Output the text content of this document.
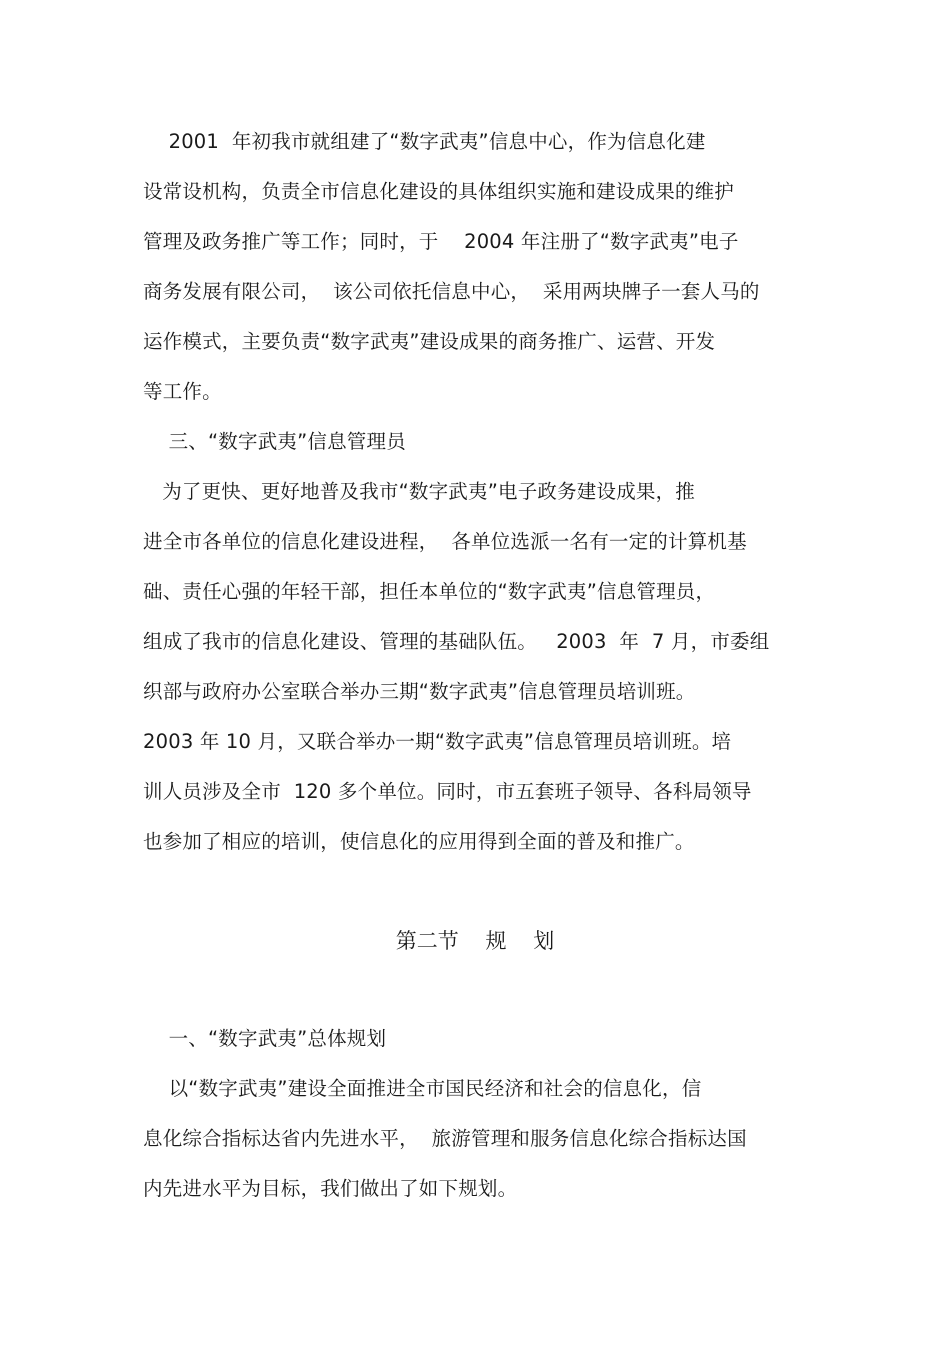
2001  年初我市就组建了“数字武夷”信息中心，作为信息化建
设常设机构，负责全市信息化建设的具体组织实施和建设成果的维护
管理及政务推广等工作；同时，于    2004 年注册了“数字武夷”电子
商务发展有限公司，  该公司依托信息中心，  采用两块牌子一套人马的
运作模式，主要负责“数字武夷”建设成果的商务推广、运营、开发
等工作。
三、“数字武夷”信息管理员
为了更快、更好地普及我市“数字武夷”电子政务建设成果，推
进全市各单位的信息化建设进程，  各单位选派一名有一定的计算机基
础、责任心强的年轻干部，担任本单位的“数字武夷”信息管理员，
组成了我市的信息化建设、管理的基础队伍。   2003  年  7 月，市委组
织部与政府办公室联合举办三期“数字武夷”信息管理员培训班。
2003 年 10 月，又联合举办一期“数字武夷”信息管理员培训班。培
训人员涉及全市  120 多个单位。同时，市五套班子领导、各科局领导
也参加了相应的培训，使信息化的应用得到全面的普及和推广。
第二节    规    划
一、“数字武夷”总体规划
以“数字武夷”建设全面推进全市国民经济和社会的信息化，信
息化综合指标达省内先进水平，  旅游管理和服务信息化综合指标达国
内先进水平为目标，我们做出了如下规划。
